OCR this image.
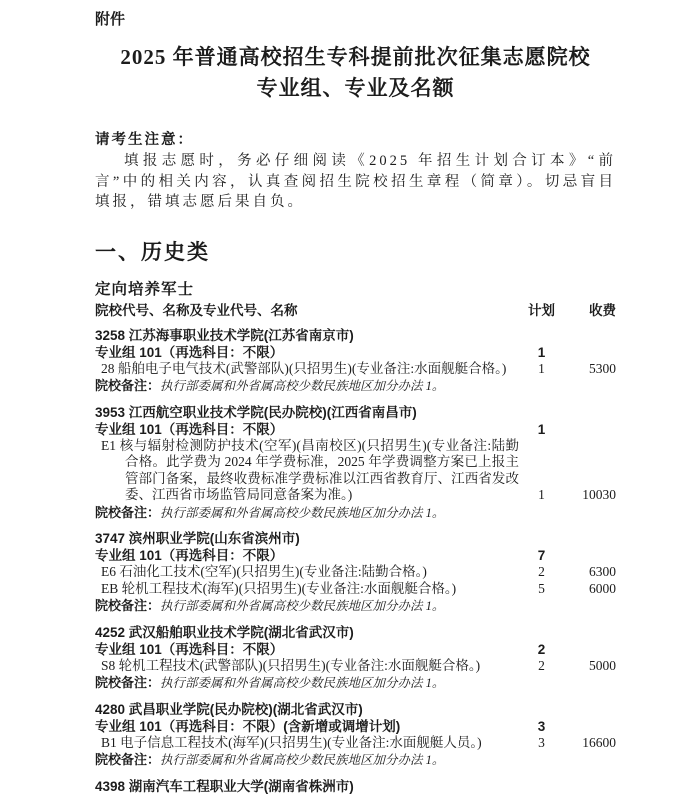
附件
2025 年普通高校招生专科提前批次征集志愿院校
专业组、专业及名额
请考生注意：
填报志愿时，务必仔细阅读《2025 年招生计划合订本》“前言”中的相关内容，认真查阅招生院校招生章程（简章）。切忌盲目填报，错填志愿后果自负。
一、历史类
定向培养军士
院校代号、名称及专业代号、名称	计划	收费
3258 江苏海事职业技术学院(江苏省南京市)
专业组 101（再选科目：不限）	1
28 船舶电子电气技术(武警部队)(只招男生)(专业备注:水面舰艇合格。)	1	5300
院校备注：执行部委属和外省属高校少数民族地区加分办法 1。
3953 江西航空职业技术学院(民办院校)(江西省南昌市)
专业组 101（再选科目：不限）	1
E1 核与辐射检测防护技术(空军)(昌南校区)(只招男生)(专业备注:陆勤合格。此学费为 2024 年学费标准，2025 年学费调整方案已上报主管部门备案，最终收费标准学费标准以江西省教育厅、江西省发改委、江西省市场监管局同意备案为准。)	1	10030
院校备注：执行部委属和外省属高校少数民族地区加分办法 1。
3747 滨州职业学院(山东省滨州市)
专业组 101（再选科目：不限）	7
E6 石油化工技术(空军)(只招男生)(专业备注:陆勤合格。)	2	6300
EB 轮机工程技术(海军)(只招男生)(专业备注:水面舰艇合格。)	5	6000
院校备注：执行部委属和外省属高校少数民族地区加分办法 1。
4252 武汉船舶职业技术学院(湖北省武汉市)
专业组 101（再选科目：不限）	2
S8 轮机工程技术(武警部队)(只招男生)(专业备注:水面舰艇合格。)	2	5000
院校备注：执行部委属和外省属高校少数民族地区加分办法 1。
4280 武昌职业学院(民办院校)(湖北省武汉市)
专业组 101（再选科目：不限）(含新增或调增计划)	3
B1 电子信息工程技术(海军)(只招男生)(专业备注:水面舰艇人员。)	3	16600
院校备注：执行部委属和外省属高校少数民族地区加分办法 1。
4398 湖南汽车工程职业大学(湖南省株洲市)
